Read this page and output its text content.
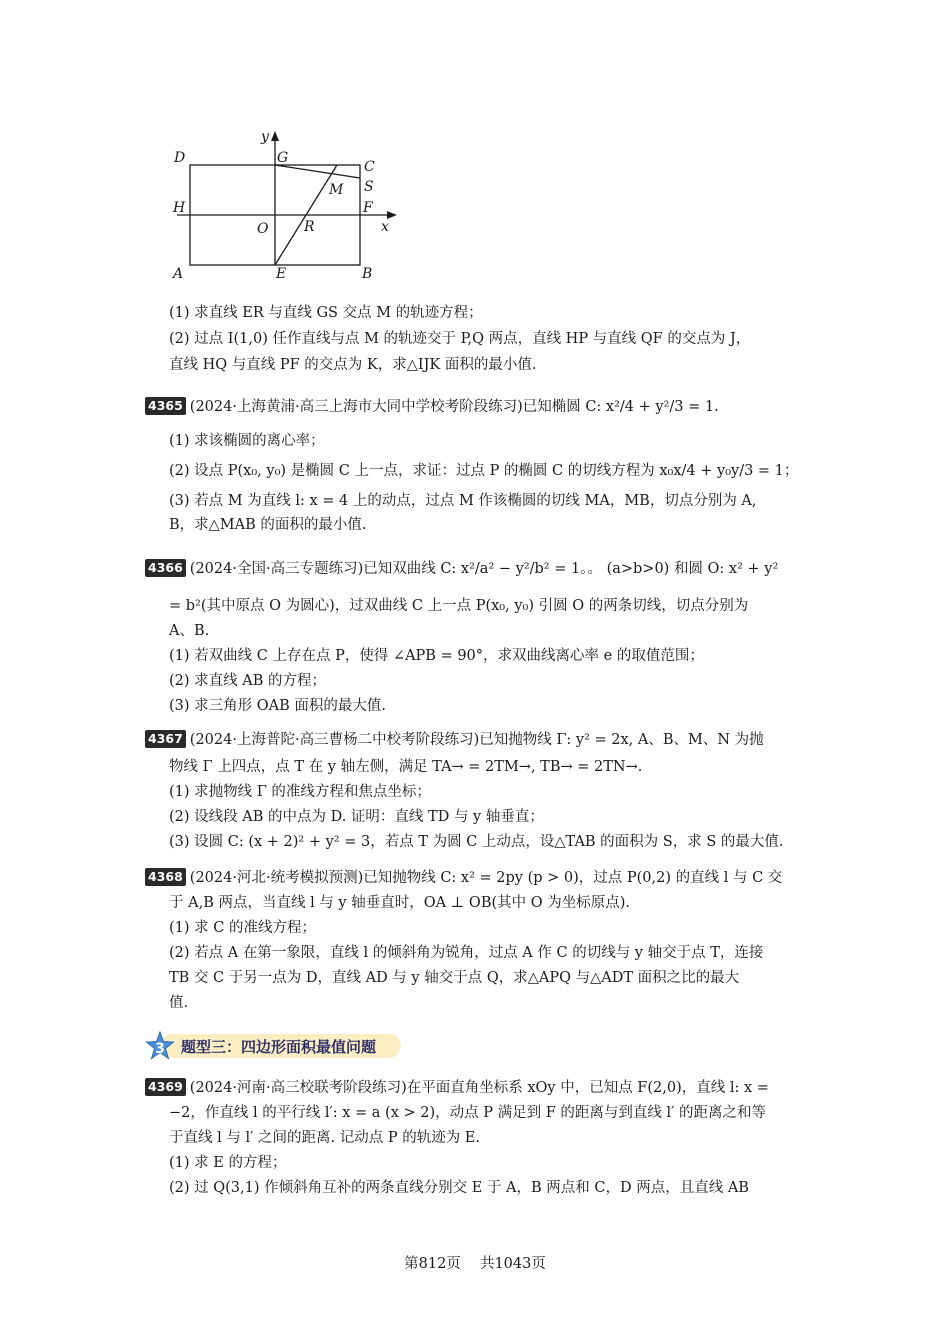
y
x
D	G
C
M S
H	F
O	R
A	E	B
(1) 求直线 ER 与直线 GS 交点 M 的轨迹方程；
(2) 过点 I(1,0) 任作直线与点 M 的轨迹交于 P,Q 两点，直线 HP 与直线 QF 的交点为 J，
直线 HQ 与直线 PF 的交点为 K，求△IJK 面积的最小值.
4365 (2024·上海黄浦·高三上海市大同中学校考阶段练习)已知椭圆 C: x²/4 + y²/3 = 1.
(1) 求该椭圆的离心率；
(2) 设点 P(x₀, y₀) 是椭圆 C 上一点，求证：过点 P 的椭圆 C 的切线方程为 x₀x/4 + y₀y/3 = 1；
(3) 若点 M 为直线 l: x = 4 上的动点，过点 M 作该椭圆的切线 MA，MB，切点分别为 A,
B，求△MAB 的面积的最小值.
4366 (2024·全国·高三专题练习)已知双曲线 C: x²/a² − y²/b² = 1。。 (a>b>0) 和圆 O: x² + y²
= b²(其中原点 O 为圆心)，过双曲线 C 上一点 P(x₀, y₀) 引圆 O 的两条切线，切点分别为
A、B.
(1) 若双曲线 C 上存在点 P，使得 ∠APB = 90°，求双曲线离心率 e 的取值范围；
(2) 求直线 AB 的方程；
(3) 求三角形 OAB 面积的最大值.
4367 (2024·上海普陀·高三曹杨二中校考阶段练习)已知抛物线 Γ: y² = 2x, A、B、M、N 为抛
物线 Γ 上四点，点 T 在 y 轴左侧，满足 TA→ = 2TM→, TB→ = 2TN→.
(1) 求抛物线 Γ 的准线方程和焦点坐标；
(2) 设线段 AB 的中点为 D. 证明：直线 TD 与 y 轴垂直；
(3) 设圆 C: (x + 2)² + y² = 3，若点 T 为圆 C 上动点，设△TAB 的面积为 S，求 S 的最大值.
4368 (2024·河北·统考模拟预测)已知抛物线 C: x² = 2py (p > 0)，过点 P(0,2) 的直线 l 与 C 交
于 A,B 两点，当直线 l 与 y 轴垂直时，OA ⊥ OB(其中 O 为坐标原点).
(1) 求 C 的准线方程；
(2) 若点 A 在第一象限，直线 l 的倾斜角为锐角，过点 A 作 C 的切线与 y 轴交于点 T，连接
TB 交 C 于另一点为 D，直线 AD 与 y 轴交于点 Q，求△APQ 与△ADT 面积之比的最大
值.
3 题型三：四边形面积最值问题
4369 (2024·河南·高三校联考阶段练习)在平面直角坐标系 xOy 中，已知点 F(2,0)，直线 l: x =
−2，作直线 l 的平行线 l′: x = a (x > 2)，动点 P 满足到 F 的距离与到直线 l′ 的距离之和等
于直线 l 与 l′ 之间的距离. 记动点 P 的轨迹为 E.
(1) 求 E 的方程；
(2) 过 Q(3,1) 作倾斜角互补的两条直线分别交 E 于 A，B 两点和 C，D 两点，且直线 AB
第812页　 共1043页
